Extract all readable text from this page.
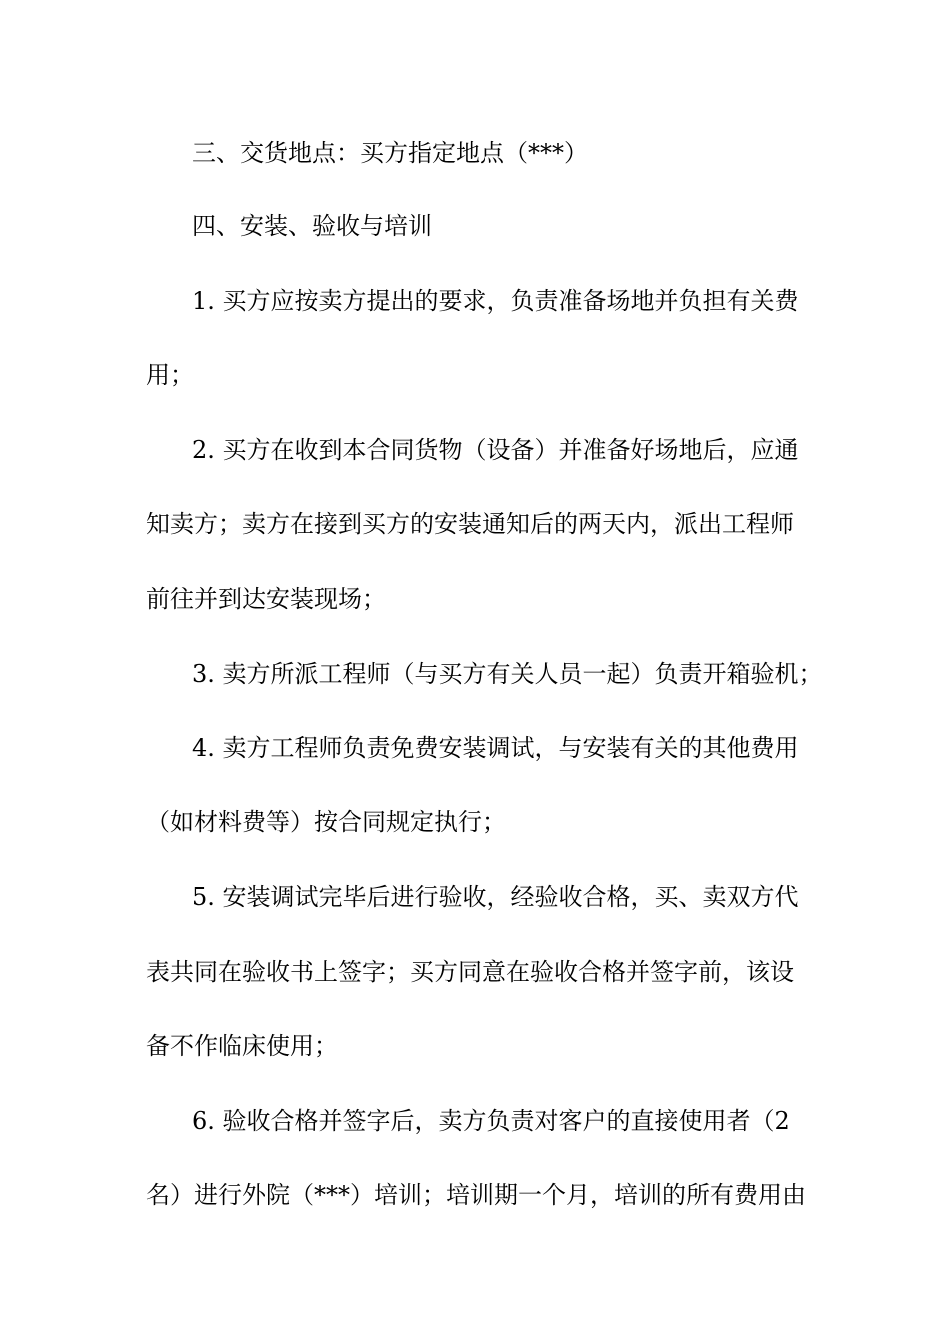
三、交货地点：买方指定地点（***）
四、安装、验收与培训
1. 买方应按卖方提出的要求，负责准备场地并负担有关费
用；
2. 买方在收到本合同货物（设备）并准备好场地后，应通
知卖方；卖方在接到买方的安装通知后的两天内，派出工程师
前往并到达安装现场；
3. 卖方所派工程师（与买方有关人员一起）负责开箱验机；
4. 卖方工程师负责免费安装调试，与安装有关的其他费用
（如材料费等）按合同规定执行；
5. 安装调试完毕后进行验收，经验收合格，买、卖双方代
表共同在验收书上签字；买方同意在验收合格并签字前，该设
备不作临床使用；
6. 验收合格并签字后，卖方负责对客户的直接使用者（2
名）进行外院（***）培训；培训期一个月，培训的所有费用由
